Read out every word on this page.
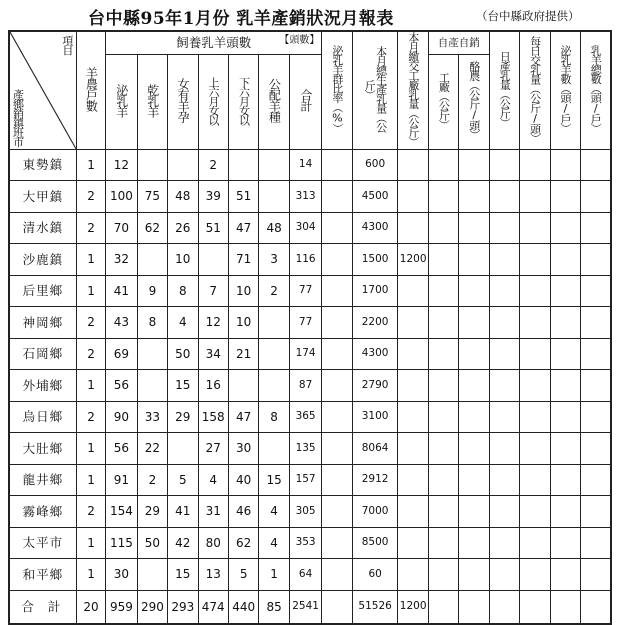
台中縣95年1月份 乳羊產銷狀況月報表	（台中縣政府提供）
項目
產鄉銷鎮班市	羊農戶數	飼養乳羊頭數 【頭數】							泌乳羊群比率（%）	本月總生產乳量（公斤）	本月繳交工廠乳量（公斤）	自產自銷		日產乳量（公斤）	每日交乳量（公斤/頭）	泌乳羊數（頭/戶）	乳羊總數（頭/戶）
		泌乳羊	乾乳羊	女有羊孕	上六月女以	下六月女以	公配羊種	合計				工廠（公斤）	酪農（公斤/頭）				
東勢鎮	1	12			2			14		600							
大甲鎮	2	100	75	48	39	51		313		4500							
清水鎮	2	70	62	26	51	47	48	304		4300							
沙鹿鎮	1	32		10		71	3	116		1500	1200						
后里鄉	1	41	9	8	7	10	2	77		1700							
神岡鄉	2	43	8	4	12	10		77		2200							
石岡鄉	2	69		50	34	21		174		4300							
外埔鄉	1	56		15	16			87		2790							
烏日鄉	2	90	33	29	158	47	8	365		3100							
大肚鄉	1	56	22		27	30		135		8064							
龍井鄉	1	91	2	5	4	40	15	157		2912							
霧峰鄉	2	154	29	41	31	46	4	305		7000							
太平市	1	115	50	42	80	62	4	353		8500							
和平鄉	1	30		15	13	5	1	64		60							
合計	20	959	290	293	474	440	85	2541		51526	1200						
